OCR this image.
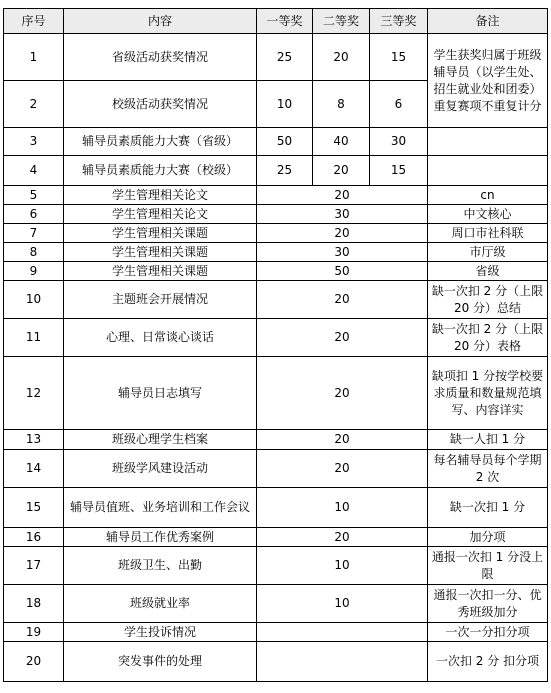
序号	内容	一等奖	二等奖	三等奖	备注
1	省级活动获奖情况	25	20	15	学生获奖归属于班级辅导员（以学生处、招生就业处和团委）重复赛项不重复计分
2	校级活动获奖情况	10	8	6	
3	辅导员素质能力大赛（省级）	50	40	30	
4	辅导员素质能力大赛（校级）	25	20	15	
5	学生管理相关论文	20			cn
6	学生管理相关论文	30			中文核心
7	学生管理相关课题	20			周口市社科联
8	学生管理相关课题	30			市厅级
9	学生管理相关课题	50			省级
10	主题班会开展情况	20			缺一次扣 2 分（上限 20 分）总结
11	心理、日常谈心谈话	20			缺一次扣 2 分（上限 20 分）表格
12	辅导员日志填写	20			缺项扣 1 分按学校要求质量和数量规范填写、内容详实
13	班级心理学生档案	20			缺一人扣 1 分
14	班级学风建设活动	20			每名辅导员每个学期 2 次
15	辅导员值班、业务培训和工作会议	10			缺一次扣 1 分
16	辅导员工作优秀案例	20			加分项
17	班级卫生、出勤	10			通报一次扣 1 分没上限
18	班级就业率	10			通报一次扣一分、优秀班级加分
19	学生投诉情况				一次一分扣分项
20	突发事件的处理				一次扣 2 分 扣分项
